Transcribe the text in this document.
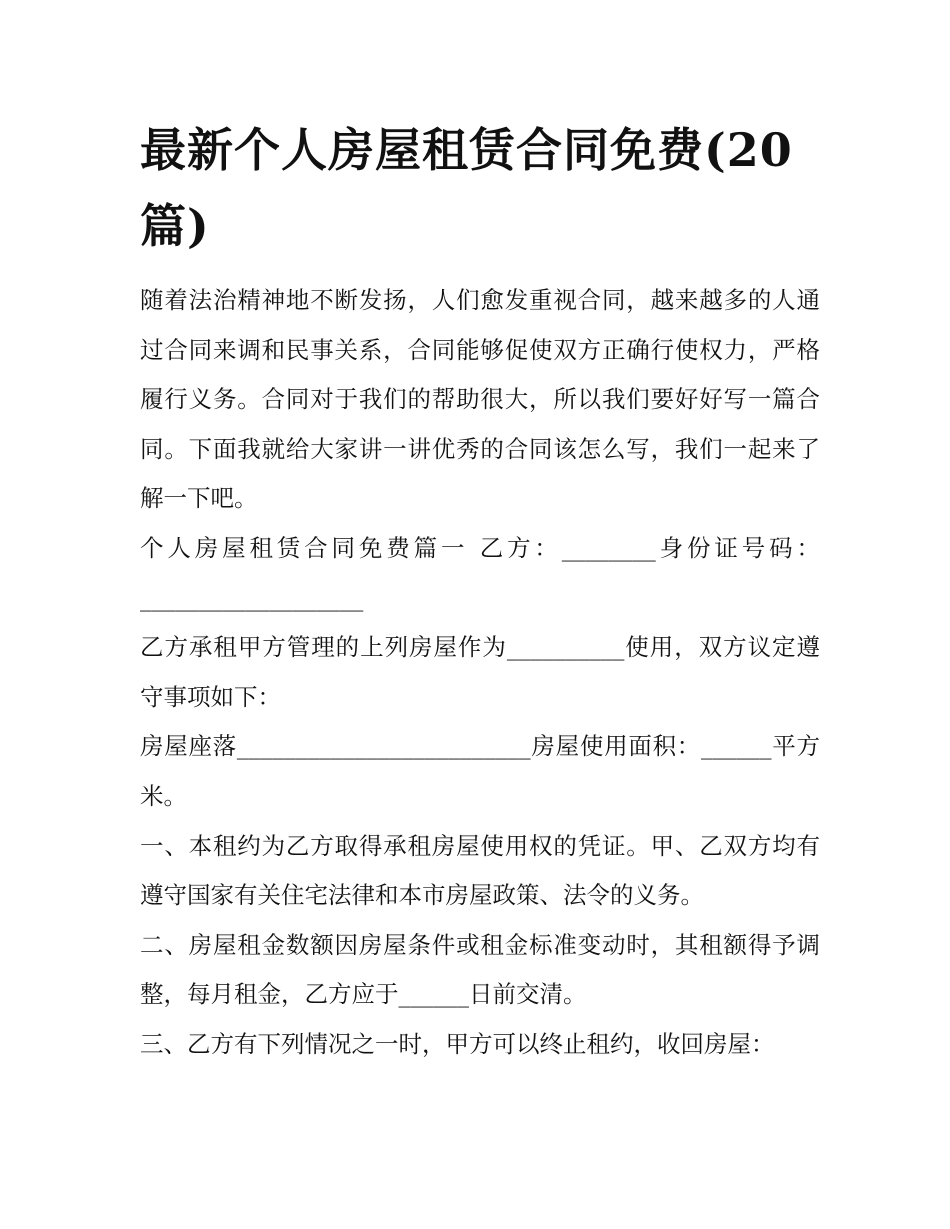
最新个人房屋租赁合同免费(20篇)

随着法治精神地不断发扬，人们愈发重视合同，越来越多的人通过合同来调和民事关系，合同能够促使双方正确行使权力，严格履行义务。合同对于我们的帮助很大，所以我们要好好写一篇合同。下面我就给大家讲一讲优秀的合同该怎么写，我们一起来了解一下吧。

个人房屋租赁合同免费篇一 乙方：________身份证号码：___________________

乙方承租甲方管理的上列房屋作为__________使用，双方议定遵守事项如下：

房屋座落_________________________房屋使用面积：______平方米。

一、本租约为乙方取得承租房屋使用权的凭证。甲、乙双方均有遵守国家有关住宅法律和本市房屋政策、法令的义务。

二、房屋租金数额因房屋条件或租金标准变动时，其租额得予调整，每月租金，乙方应于______日前交清。

三、乙方有下列情况之一时，甲方可以终止租约，收回房屋：
